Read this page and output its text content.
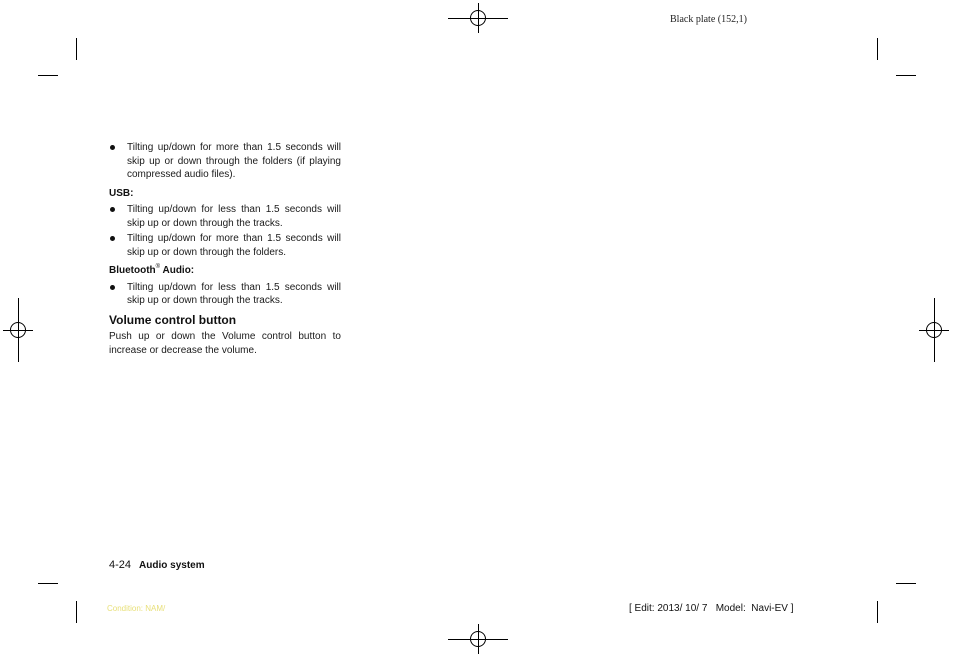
Black plate (152,1)
Tilting up/down for more than 1.5 seconds will skip up or down through the folders (if playing compressed audio files).
USB:
Tilting up/down for less than 1.5 seconds will skip up or down through the tracks.
Tilting up/down for more than 1.5 seconds will skip up or down through the folders.
Bluetooth® Audio:
Tilting up/down for less than 1.5 seconds will skip up or down through the tracks.
Volume control button

Push up or down the Volume control button to increase or decrease the volume.

4-24 Audio system
Condition: NAM/	[ Edit: 2013/ 10/ 7   Model:  Navi-EV ]
